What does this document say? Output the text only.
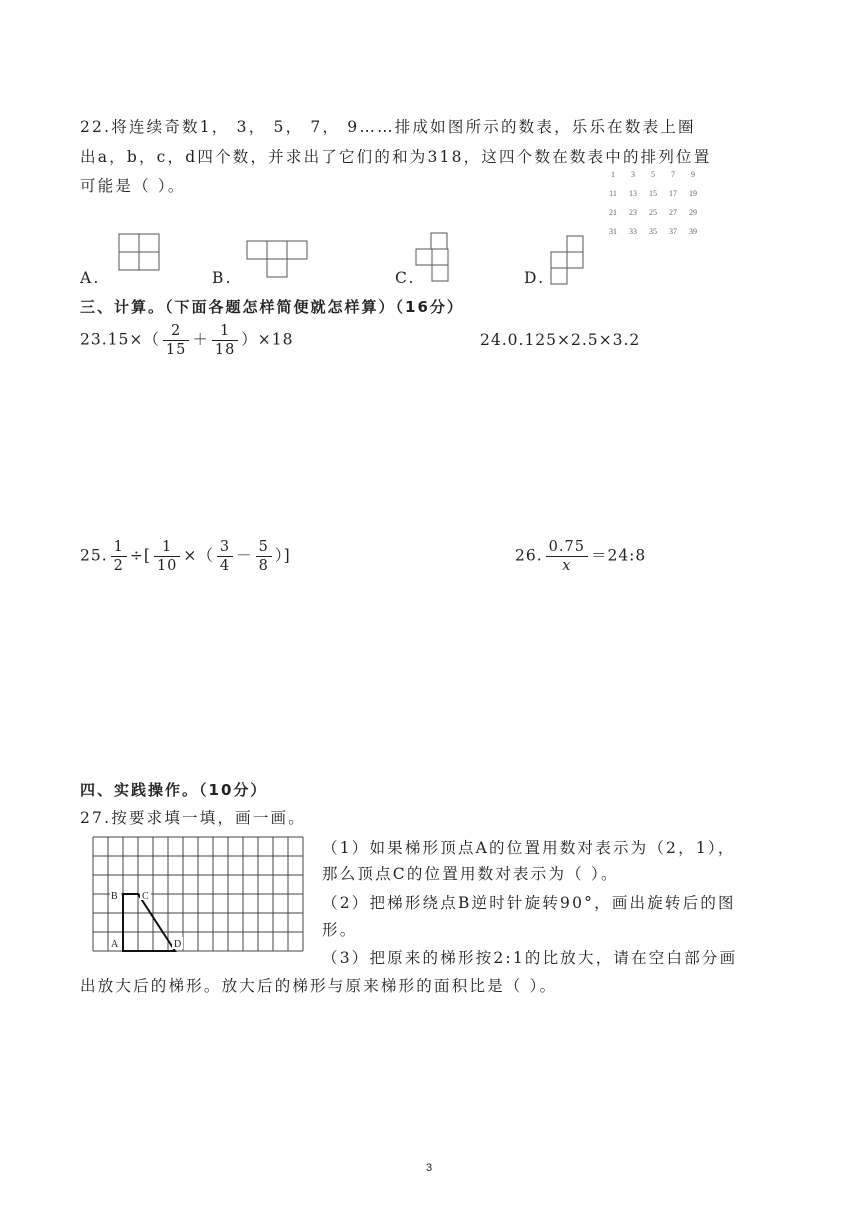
22.将连续奇数1， 3， 5， 7， 9……排成如图所示的数表，乐乐在数表上圈
出a，b，c，d四个数，并求出了它们的和为318，这四个数在数表中的排列位置
可能是（ ）。
1	3	5	7	9
11	13	15	17	19
21	23	25	27	29
31	33	35	37	39
A.	B.	C.	D.
三、计算。（下面各题怎样简便就怎样算）（16分）
$23.15\times( \frac{2}{15} + \frac{1}{18} )\times 18$	24.0.125×2.5×3.2
25. $\frac{1}{2}$ ÷[ $\frac{1}{10}$ ×（ $\frac{3}{4} - \frac{5}{8}$ ）]	26. $\frac{0.75}{x}$ ＝24:8
四、实践操作。（10分）
27.按要求填一填，画一画。
B C
A	D
（1）如果梯形顶点A的位置用数对表示为（2，1），
那么顶点C的位置用数对表示为（ ）。
（2）把梯形绕点B逆时针旋转90°，画出旋转后的图
形。
（3）把原来的梯形按2:1的比放大，请在空白部分画
出放大后的梯形。放大后的梯形与原来梯形的面积比是（ ）。
3
